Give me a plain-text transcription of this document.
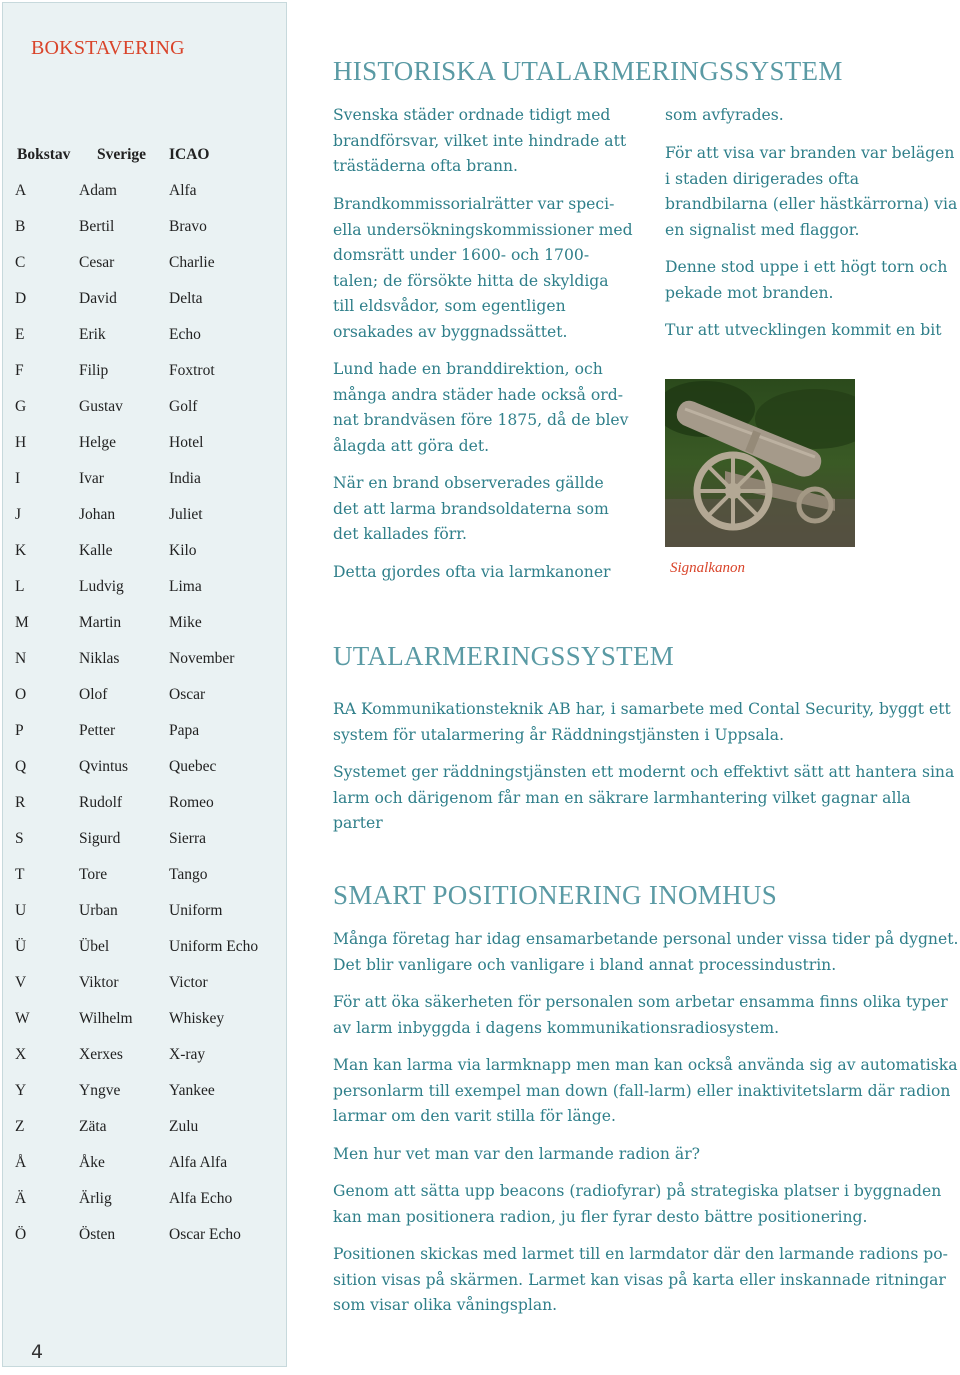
BOKSTAVERING
Bokstav	Sverige	ICAO
A	Adam	Alfa
B	Bertil	Bravo
C	Cesar	Charlie
D	David	Delta
E	Erik	Echo
F	Filip	Foxtrot
G	Gustav	Golf
H	Helge	Hotel
I	Ivar	India
J	Johan	Juliet
K	Kalle	Kilo
L	Ludvig	Lima
M	Martin	Mike
N	Niklas	November
O	Olof	Oscar
P	Petter	Papa
Q	Qvintus	Quebec
R	Rudolf	Romeo
S	Sigurd	Sierra
T	Tore	Tango
U	Urban	Uniform
Ü	Übel	Uniform Echo
V	Viktor	Victor
W	Wilhelm	Whiskey
X	Xerxes	X-ray
Y	Yngve	Yankee
Z	Zäta	Zulu
Å	Åke	Alfa Alfa
Ä	Ärlig	Alfa Echo
Ö	Östen	Oscar Echo
4
HISTORISKA UTALARMERINGSSYSTEM

Svenska städer ordnade tidigt med brandförsvar, vilket inte hindrade att trästäderna ofta brann.

Brandkommissorialrätter var speci-ella undersökningskommissioner med domsrätt under 1600- och 1700-talen; de försökte hitta de skyldiga till eldsvådor, som egentligen orsakades av byggnadssättet.

Lund hade en branddirektion, och många andra städer hade också ord-nat brandväsen före 1875, då de blev ålagda att göra det.

När en brand observerades gällde det att larma brandsoldaterna som det kallades förr.

Detta gjordes ofta via larmkanoner

som avfyrades.

För att visa var branden var belägen i staden dirigerades ofta brandbilarna (eller hästkärrorna) via en signalist med flaggor.

Denne stod uppe i ett högt torn och pekade mot branden.

Tur att utvecklingen kommit en bit

Signalkanon
UTALARMERINGSSYSTEM

RA Kommunikationsteknik AB har, i samarbete med Contal Security, byggt ett system för utalarmering år Räddningstjänsten i Uppsala.

Systemet ger räddningstjänsten ett modernt och effektivt sätt att hantera sina larm och därigenom får man en säkrare larmhantering vilket gagnar alla parter

SMART POSITIONERING INOMHUS

Många företag har idag ensamarbetande personal under vissa tider på dygnet. Det blir vanligare och vanligare i bland annat processindustrin.

För att öka säkerheten för personalen som arbetar ensamma finns olika typer av larm inbyggda i dagens kommunikationsradiosystem.

Man kan larma via larmknapp men man kan också använda sig av automatiska personlarm till exempel man down (fall-larm) eller inaktivitetslarm där radion larmar om den varit stilla för länge.

Men hur vet man var den larmande radion är?

Genom att sätta upp beacons (radiofyrar) på strategiska platser i byggnaden kan man positionera radion, ju fler fyrar desto bättre positionering.

Positionen skickas med larmet till en larmdator där den larmande radions po-sition visas på skärmen. Larmet kan visas på karta eller inskannade ritningar som visar olika våningsplan.
